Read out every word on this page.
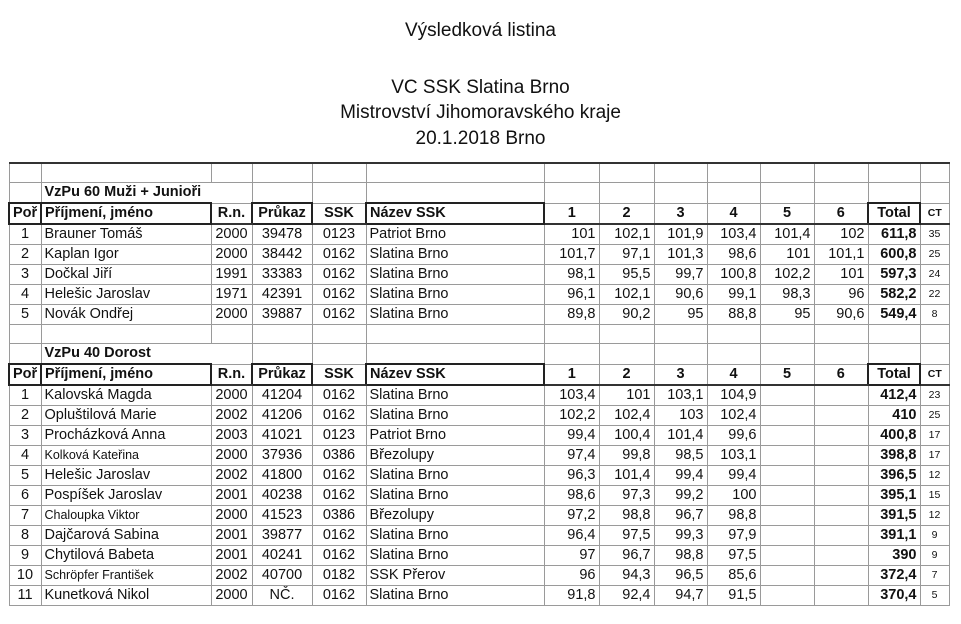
Výsledková listina
VC SSK Slatina Brno
Mistrovství Jihomoravského kraje
20.1.2018 Brno

	VzPu 60 Muži + Junioři												
Poř	Příjmení, jméno	R.n.	Průkaz	SSK	Název SSK	1	2	3	4	5	6	Total	CT
1	Brauner Tomáš	2000	39478	0123	Patriot Brno	101	102,1	101,9	103,4	101,4	102	611,8	35
2	Kaplan Igor	2000	38442	0162	Slatina Brno	101,7	97,1	101,3	98,6	101	101,1	600,8	25
3	Dočkal Jiří	1991	33383	0162	Slatina Brno	98,1	95,5	99,7	100,8	102,2	101	597,3	24
4	Helešic Jaroslav	1971	42391	0162	Slatina Brno	96,1	102,1	90,6	99,1	98,3	96	582,2	22
5	Novák Ondřej	2000	39887	0162	Slatina Brno	89,8	90,2	95	88,8	95	90,6	549,4	8

	VzPu 40 Dorost												
Poř	Příjmení, jméno	R.n.	Průkaz	SSK	Název SSK	1	2	3	4	5	6	Total	CT
1	Kalovská Magda	2000	41204	0162	Slatina Brno	103,4	101	103,1	104,9			412,4	23
2	Opluštilová Marie	2002	41206	0162	Slatina Brno	102,2	102,4	103	102,4			410	25
3	Procházková Anna	2003	41021	0123	Patriot Brno	99,4	100,4	101,4	99,6			400,8	17
4	Kolková Kateřina	2000	37936	0386	Březolupy	97,4	99,8	98,5	103,1			398,8	17
5	Helešic Jaroslav	2002	41800	0162	Slatina Brno	96,3	101,4	99,4	99,4			396,5	12
6	Pospíšek Jaroslav	2001	40238	0162	Slatina Brno	98,6	97,3	99,2	100			395,1	15
7	Chaloupka Viktor	2000	41523	0386	Březolupy	97,2	98,8	96,7	98,8			391,5	12
8	Dajčarová Sabina	2001	39877	0162	Slatina Brno	96,4	97,5	99,3	97,9			391,1	9
9	Chytilová Babeta	2001	40241	0162	Slatina Brno	97	96,7	98,8	97,5			390	9
10	Schröpfer František	2002	40700	0182	SSK Přerov	96	94,3	96,5	85,6			372,4	7
11	Kunetková Nikol	2000	NČ.	0162	Slatina Brno	91,8	92,4	94,7	91,5			370,4	5
